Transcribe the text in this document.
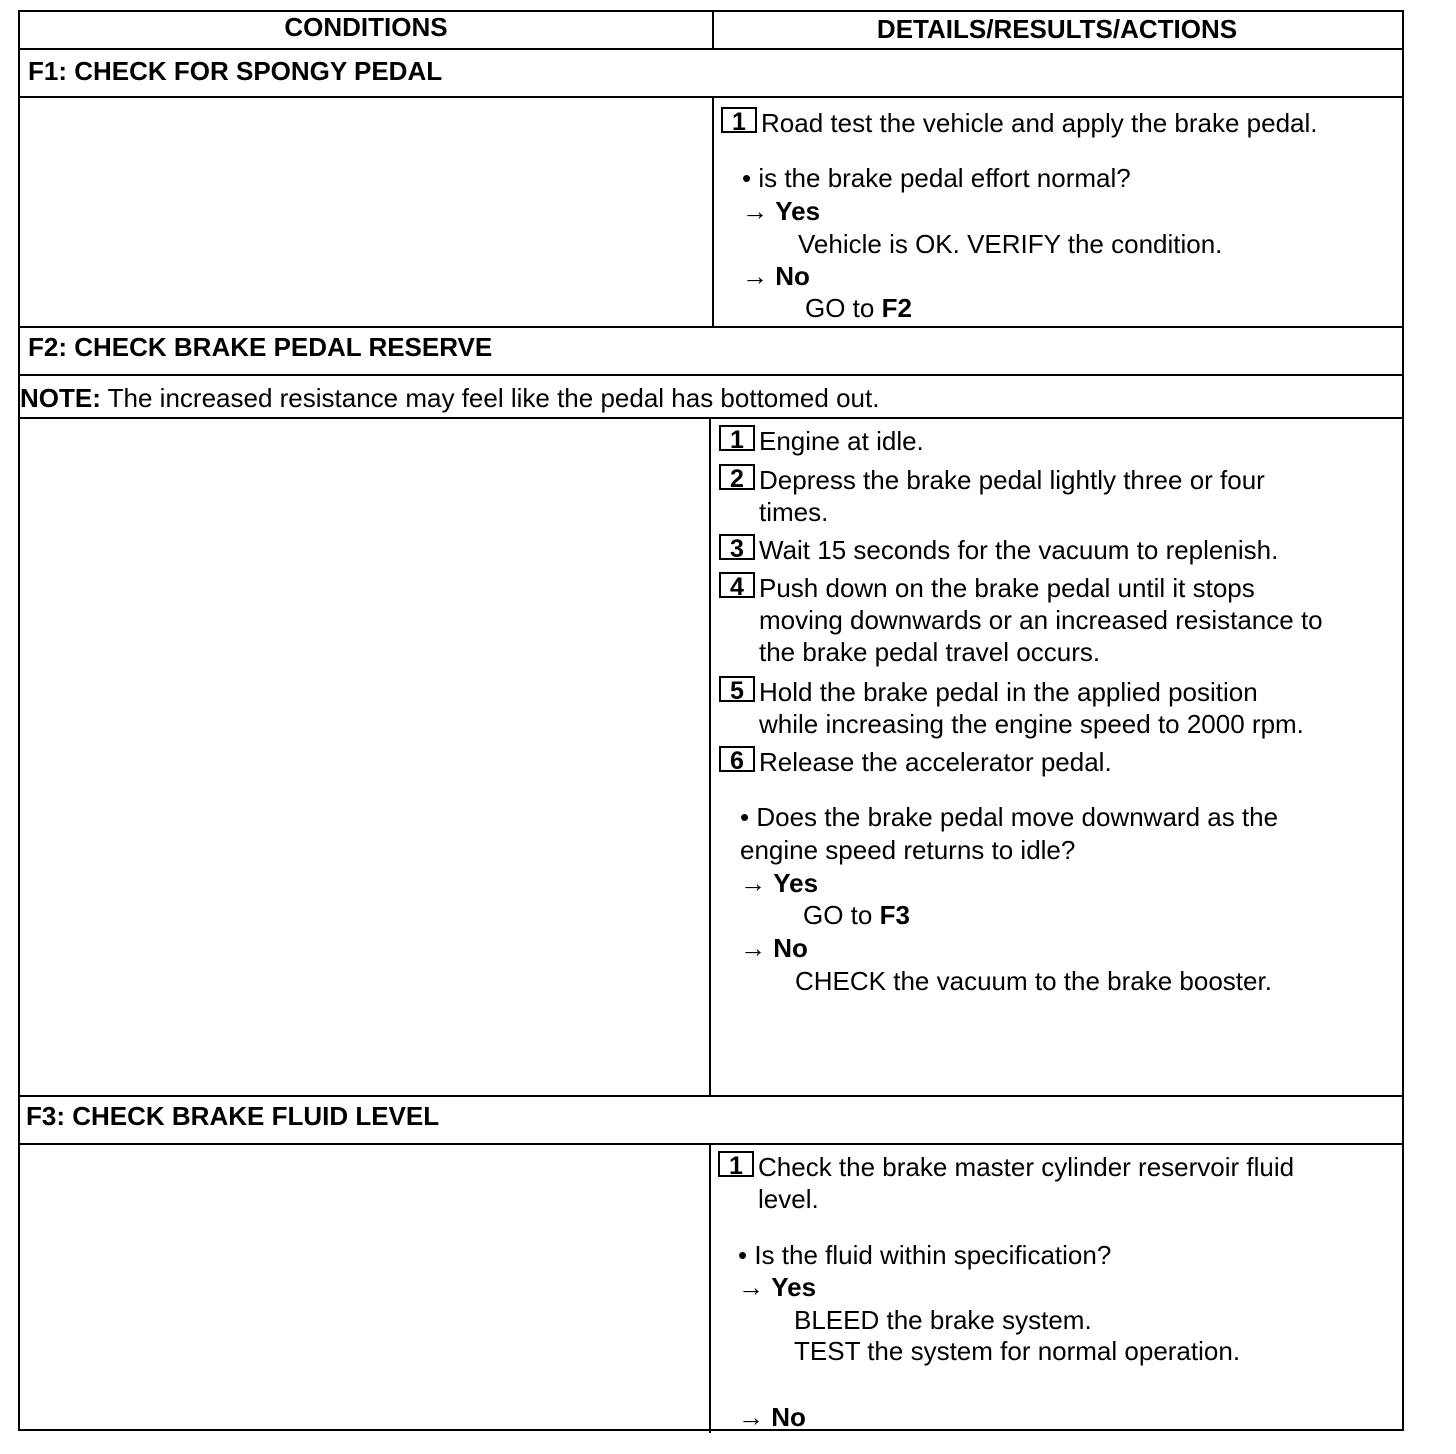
CONDITIONS	DETAILS/RESULTS/ACTIONS
F1: CHECK FOR SPONGY PEDAL
1 Road test the vehicle and apply the brake pedal.
• is the brake pedal effort normal?
→ Yes
Vehicle is OK. VERIFY the condition.
→ No
GO to F2
F2: CHECK BRAKE PEDAL RESERVE
NOTE: The increased resistance may feel like the pedal has bottomed out.
1 Engine at idle.
2 Depress the brake pedal lightly three or four
times.
3 Wait 15 seconds for the vacuum to replenish.
4 Push down on the brake pedal until it stops
moving downwards or an increased resistance to
the brake pedal travel occurs.
5 Hold the brake pedal in the applied position
while increasing the engine speed to 2000 rpm.
6 Release the accelerator pedal.
• Does the brake pedal move downward as the
engine speed returns to idle?
→ Yes
GO to F3
→ No
CHECK the vacuum to the brake booster.
F3: CHECK BRAKE FLUID LEVEL
1 Check the brake master cylinder reservoir fluid
level.
• Is the fluid within specification?
→ Yes
BLEED the brake system.
TEST the system for normal operation.
→ No
